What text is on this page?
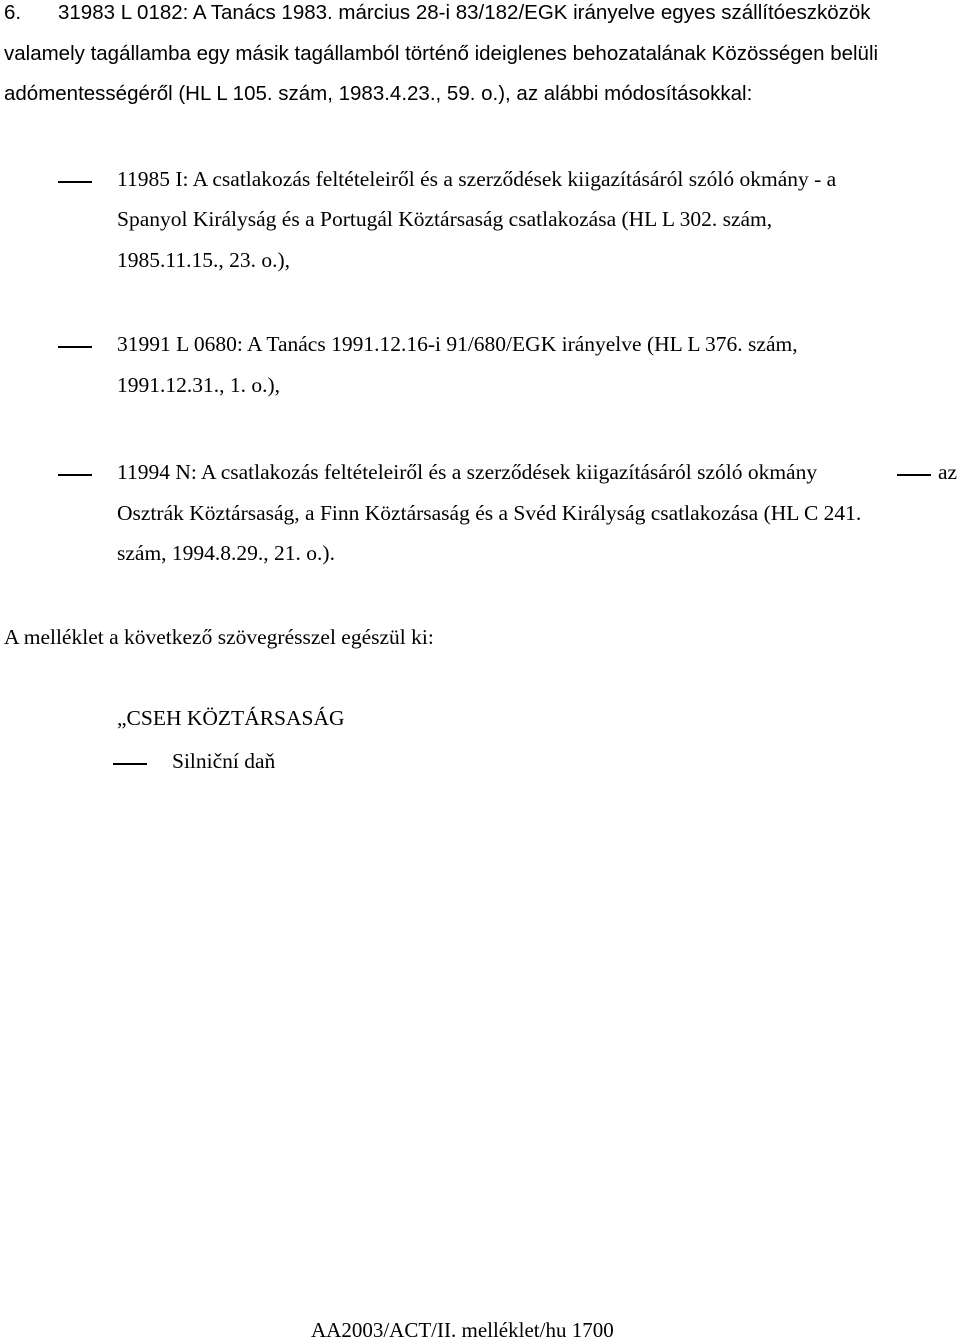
6. 31983 L 0182: A Tanács 1983. március 28-i 83/182/EGK irányelve egyes szállítóeszközök
valamely tagállamba egy másik tagállamból történő ideiglenes behozatalának Közösségen belüli
adómentességéről (HL L 105. szám, 1983.4.23., 59. o.), az alábbi módosításokkal:
11985 I: A csatlakozás feltételeiről és a szerződések kiigazításáról szóló okmány - a
Spanyol Királyság és a Portugál Köztársaság csatlakozása (HL L 302. szám,
1985.11.15., 23. o.),
31991 L 0680: A Tanács 1991.12.16-i 91/680/EGK irányelve (HL L 376. szám,
1991.12.31., 1. o.),
11994 N: A csatlakozás feltételeiről és a szerződések kiigazításáról szóló okmány	az
Osztrák Köztársaság, a Finn Köztársaság és a Svéd Királyság csatlakozása (HL C 241.
szám, 1994.8.29., 21. o.).
A melléklet a következő szövegrésszel egészül ki:
„CSEH KÖZTÁRSASÁG
Silniční daň
AA2003/ACT/II. melléklet/hu 1700
